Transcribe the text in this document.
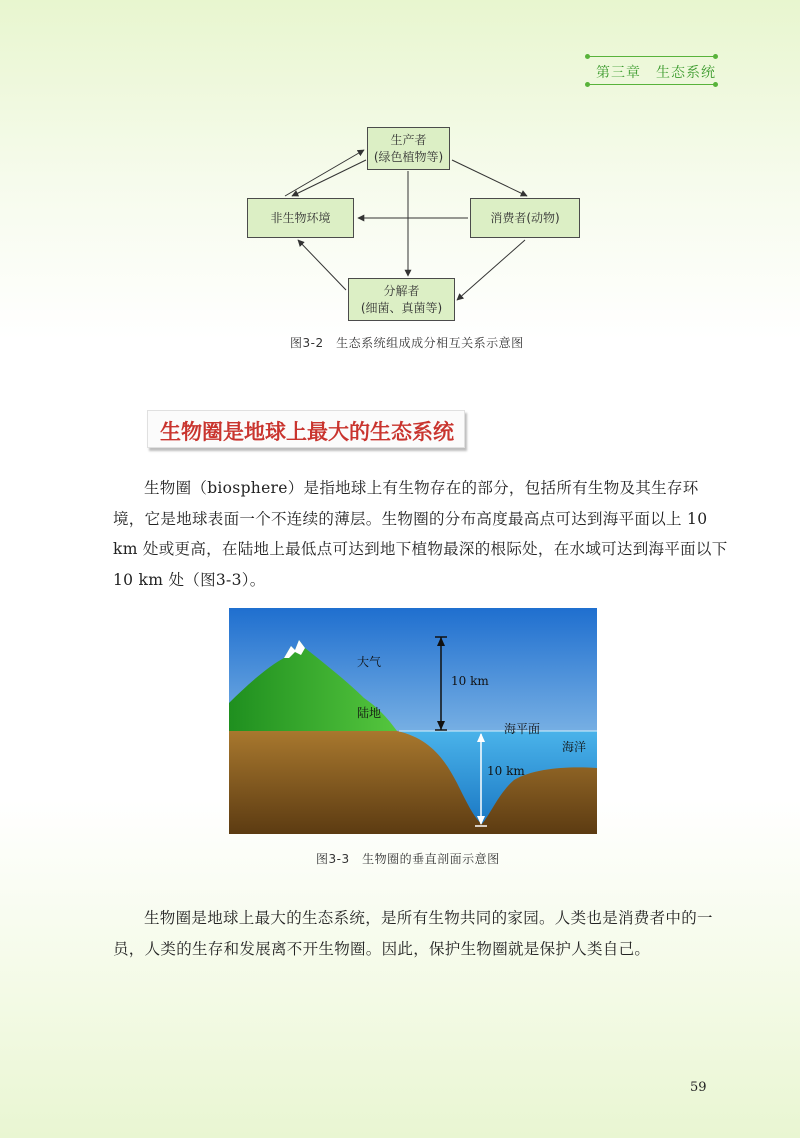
第三章　生态系统
生产者
(绿色植物等)
非生物环境	消费者(动物)
分解者
(细菌、真菌等)
图3-2　生态系统组成成分相互关系示意图
生物圈是地球上最大的生态系统

生物圈（biosphere）是指地球上有生物存在的部分，包括所有生物及其生存环境，它是地球表面一个不连续的薄层。生物圈的分布高度最高点可达到海平面以上 10 km 处或更高，在陆地上最低点可达到地下植物最深的根际处，在水域可达到海平面以下 10 km 处（图3-3）。

大气
陆地
10 km
海平面
海洋
10 km
图3-3　生物圈的垂直剖面示意图

生物圈是地球上最大的生态系统，是所有生物共同的家园。人类也是消费者中的一员，人类的生存和发展离不开生物圈。因此，保护生物圈就是保护人类自己。

59
